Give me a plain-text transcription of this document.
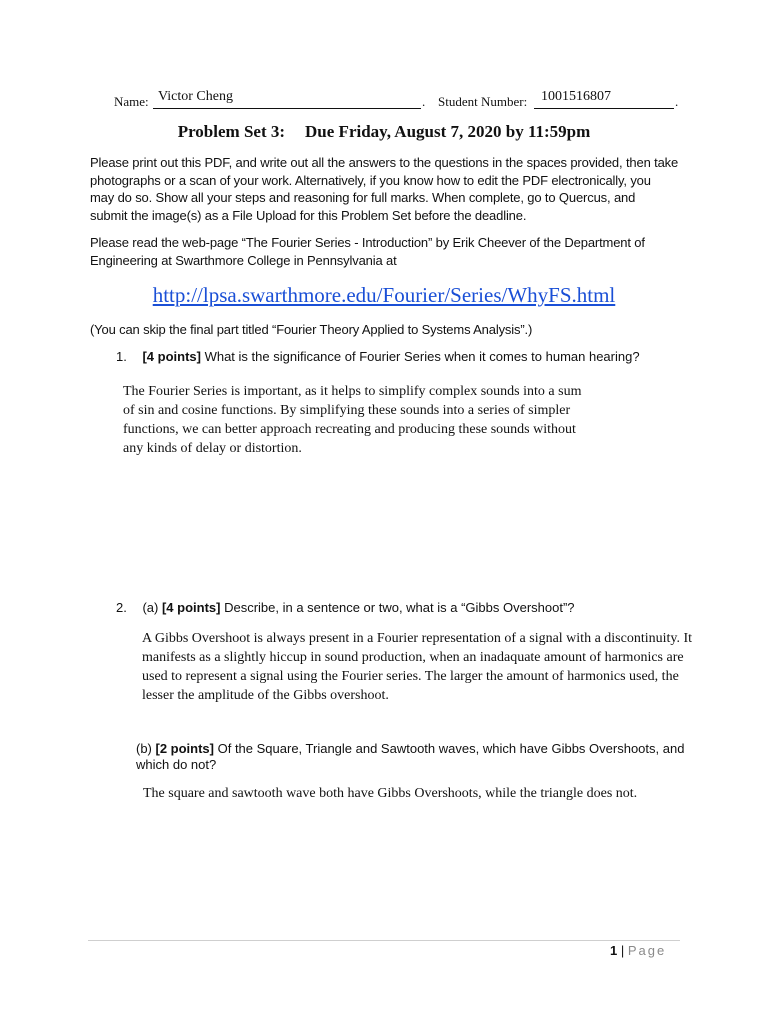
Name: Victor Cheng	. Student Number: 1001516807	.
Problem Set 3: Due Friday, August 7, 2020 by 11:59pm
Please print out this PDF, and write out all the answers to the questions in the spaces provided, then take
photographs or a scan of your work. Alternatively, if you know how to edit the PDF electronically, you
may do so. Show all your steps and reasoning for full marks. When complete, go to Quercus, and
submit the image(s) as a File Upload for this Problem Set before the deadline.
Please read the web-page “The Fourier Series - Introduction” by Erik Cheever of the Department of
Engineering at Swarthmore College in Pennsylvania at
http://lpsa.swarthmore.edu/Fourier/Series/WhyFS.html
(You can skip the final part titled “Fourier Theory Applied to Systems Analysis”.)
1. [4 points] What is the significance of Fourier Series when it comes to human hearing?
The Fourier Series is important, as it helps to simplify complex sounds into a sum
of sin and cosine functions. By simplifying these sounds into a series of simpler
functions, we can better approach recreating and producing these sounds without
any kinds of delay or distortion.
2. (a) [4 points] Describe, in a sentence or two, what is a “Gibbs Overshoot”?
A Gibbs Overshoot is always present in a Fourier representation of a signal with a discontinuity. It
manifests as a slightly hiccup in sound production, when an inadaquate amount of harmonics are
used to represent a signal using the Fourier series. The larger the amount of harmonics used, the
lesser the amplitude of the Gibbs overshoot.
(b) [2 points] Of the Square, Triangle and Sawtooth waves, which have Gibbs Overshoots, and
which do not?
The square and sawtooth wave both have Gibbs Overshoots, while the triangle does not.
1 | Page
